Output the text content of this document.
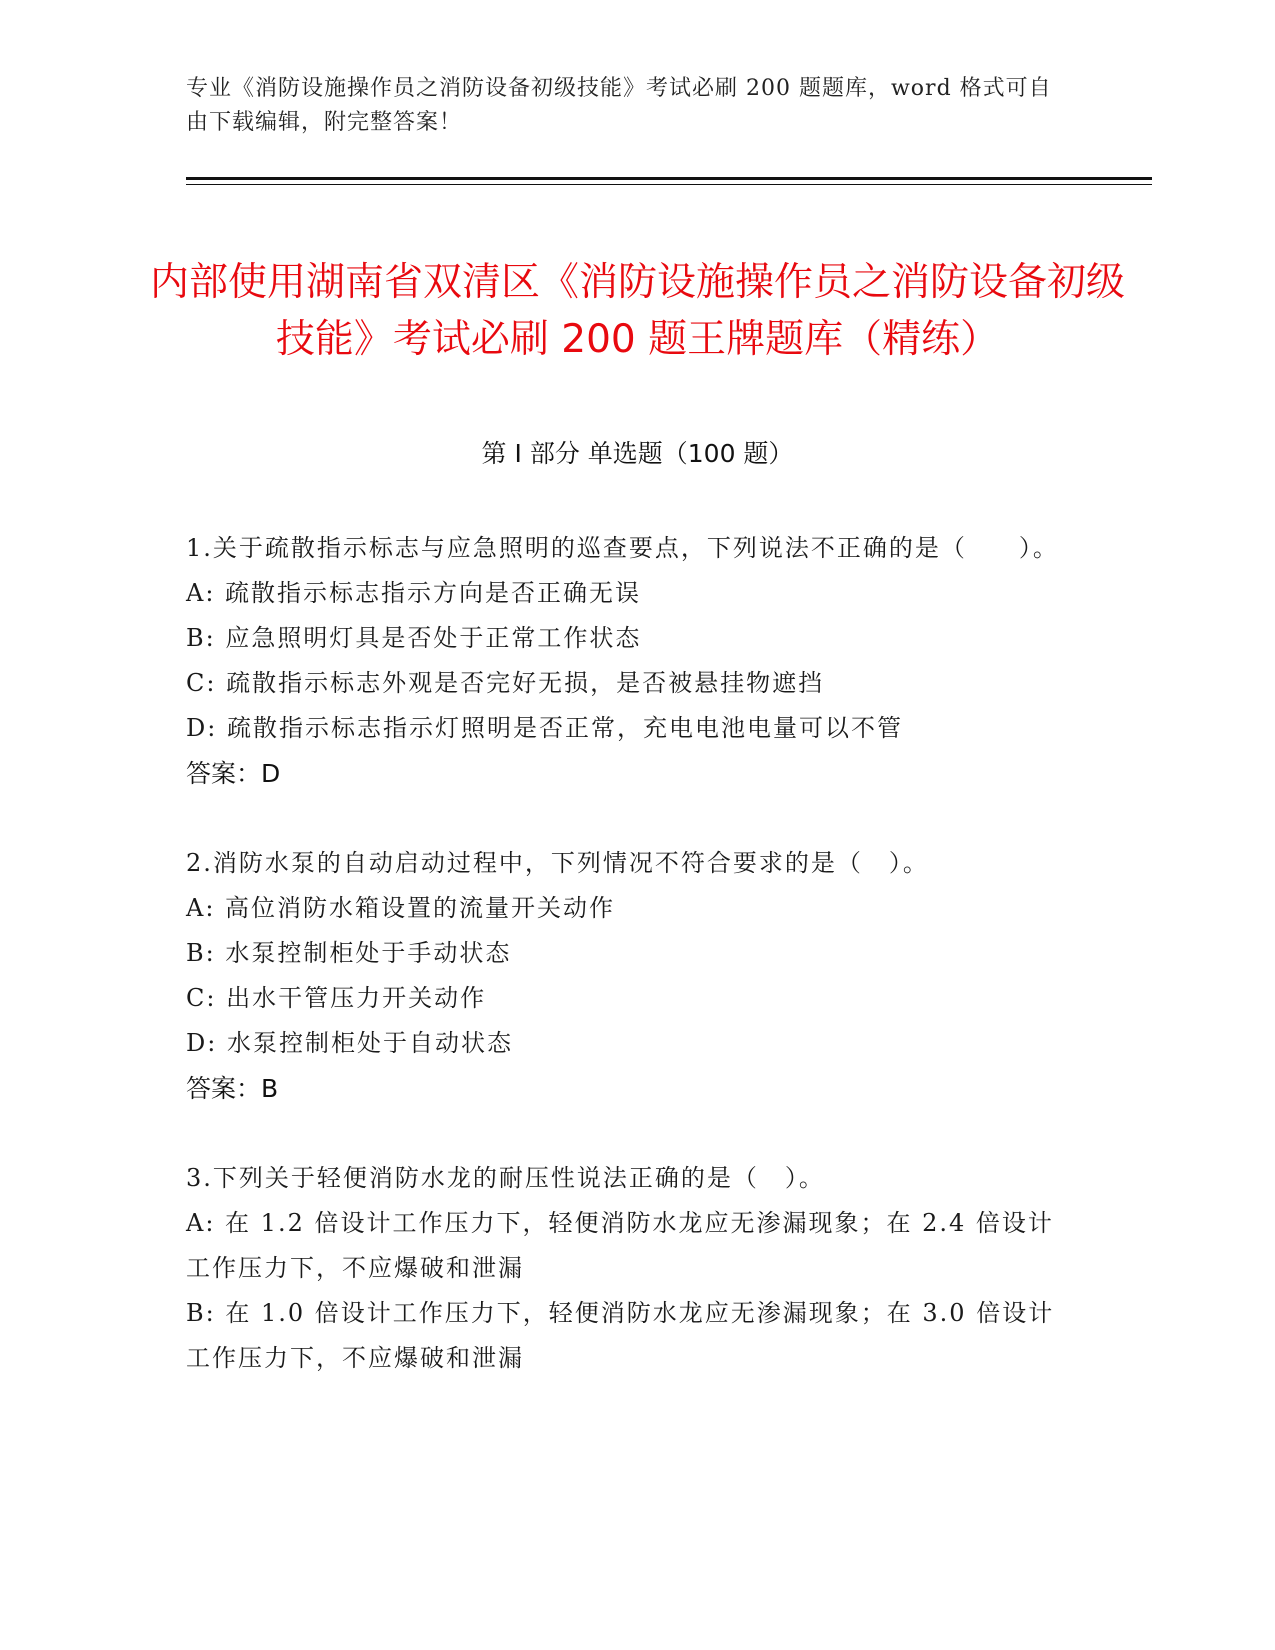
专业《消防设施操作员之消防设备初级技能》考试必刷 200 题题库，word 格式可自由下载编辑，附完整答案！
内部使用湖南省双清区《消防设施操作员之消防设备初级技能》考试必刷 200 题王牌题库（精练）
第 I 部分 单选题（100 题）
1.关于疏散指示标志与应急照明的巡查要点，下列说法不正确的是（　　）。
A: 疏散指示标志指示方向是否正确无误
B: 应急照明灯具是否处于正常工作状态
C: 疏散指示标志外观是否完好无损，是否被悬挂物遮挡
D: 疏散指示标志指示灯照明是否正常，充电电池电量可以不管
答案：D
2.消防水泵的自动启动过程中，下列情况不符合要求的是（　）。
A: 高位消防水箱设置的流量开关动作
B: 水泵控制柜处于手动状态
C: 出水干管压力开关动作
D: 水泵控制柜处于自动状态
答案：B
3.下列关于轻便消防水龙的耐压性说法正确的是（　）。
A: 在 1.2 倍设计工作压力下，轻便消防水龙应无渗漏现象；在 2.4 倍设计工作压力下，不应爆破和泄漏
B: 在 1.0 倍设计工作压力下，轻便消防水龙应无渗漏现象；在 3.0 倍设计工作压力下，不应爆破和泄漏
